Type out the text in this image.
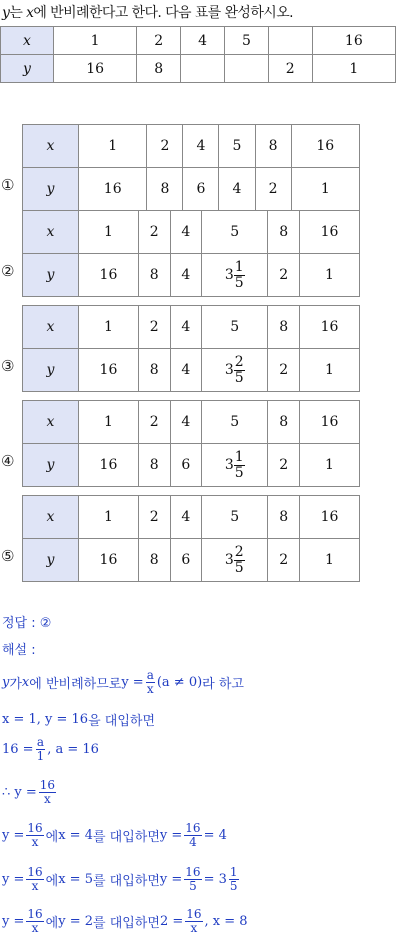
y는 x에 반비례한다고 한다. 다음 표를 완성하시오.
x	1	2	4	5		16
y	16	8			2	1
x	1	2	4	5	8	16
y	16	8	6	4	2	1
①
x	1	2	4	5	8	16
y	16	8	4	$3 \frac{1}{5}$	2	1
②
x	1	2	4	5	8	16
y	16	8	4	$3 \frac{2}{5}$	2	1
③
x	1	2	4	5	8	16
y	16	8	6	$3 \frac{1}{5}$	2	1
④
x	1	2	4	5	8	16
y	16	8	6	$3 \frac{2}{5}$	2	1
⑤
정답 : ②
해설 :
y 가 x 에 반비례하므로 $y = \frac{a}{x} (a \ne 0)$ 라 하고
x = 1, y = 16 을 대입하면
$16 = \frac{a}{1}$ , a = 16
∴ $y = \frac{16}{x}$
$y = \frac{16}{x}$ 에 x = 4 를 대입하면 $y = \frac{16}{4} = 4$
$y = \frac{16}{x}$ 에 x = 5 를 대입하면 $y = \frac{16}{5} = 3 \frac{1}{5}$
$y = \frac{16}{x}$ 에 y = 2 를 대입하면 $2 = \frac{16}{x}$ , x = 8
